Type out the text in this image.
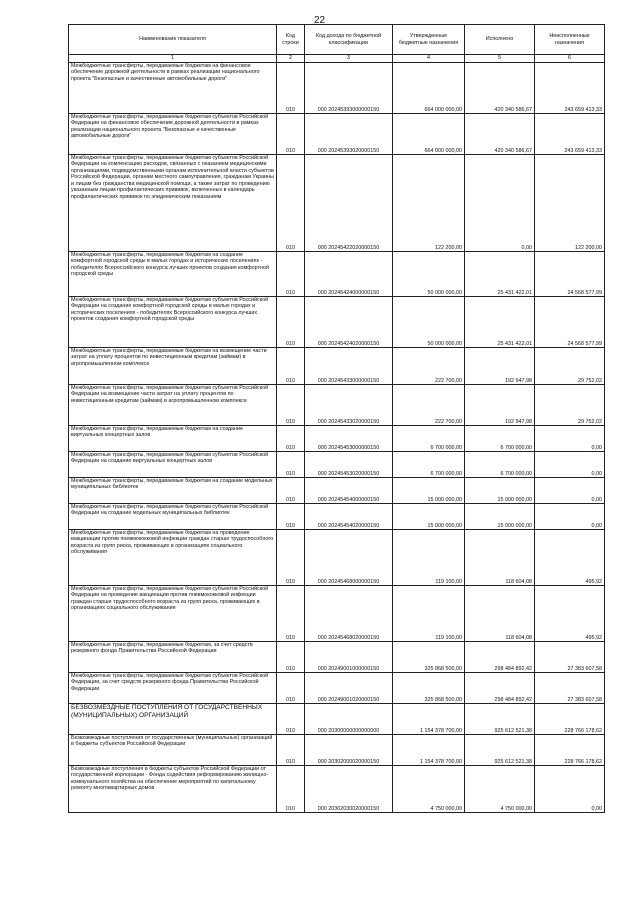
22
Наименование показателя	Код строки	Код дохода по бюджетной классификации	Утвержденные бюджетные назначения	Исполнено	Неисполненные назначения
1	2	3	4	5	6
Межбюджетные трансферты, передаваемые бюджетам на финансовое обеспечение дорожной деятельности в рамках реализации национального проекта "Безопасные и качественные автомобильные дороги"	010	000 20245393000000150	664 000 000,00	420 340 586,67	243 659 413,33
Межбюджетные трансферты, передаваемые бюджетам субъектов Российской Федерации на финансовое обеспечение дорожной деятельности в рамках реализации национального проекта "Безопасные и качественные автомобильные дороги"	010	000 20245393020000150	664 000 000,00	420 340 586,67	243 659 413,33
Межбюджетные трансферты, передаваемые бюджетам субъектов Российской Федерации на компенсацию расходов, связанных с оказанием медицинскими организациями, подведомственными органам исполнительной власти субъектов Российской Федерации, органам местного самоуправления, гражданам Украины и лицам без гражданства медицинской помощи, а также затрат по проведению указанным лицам профилактических прививок, включенных в календарь профилактических прививок по эпидемическим показаниям	010	000 20245422020000150	122 200,00	0,00	122 200,00
Межбюджетные трансферты, передаваемые бюджетам на создание комфортной городской среды в малых городах и исторических поселениях - победителях Всероссийского конкурса лучших проектов создания комфортной городской среды	010	000 20245424000000150	50 000 000,00	25 431 422,01	24 568 577,99
Межбюджетные трансферты, передаваемые бюджетам субъектов Российской Федерации на создание комфортной городской среды в малых городах и исторических поселениях - победителях Всероссийского конкурса лучших проектов создания комфортной городской среды	010	000 20245424020000150	50 000 000,00	25 431 422,01	24 568 577,99
Межбюджетные трансферты, передаваемые бюджетам на возмещение части затрат на уплату процентов по инвестиционным кредитам (займам) в агропромышленном комплексе	010	000 20245433000000150	222 700,00	192 947,98	29 752,02
Межбюджетные трансферты, передаваемые бюджетам субъектов Российской Федерации на возмещение части затрат на уплату процентов по инвестиционным кредитам (займам) в агропромышленном комплексе	010	000 20245433020000150	222 700,00	192 947,98	29 752,02
Межбюджетные трансферты, передаваемые бюджетам на создание виртуальных концертных залов	010	000 20245453000000150	6 700 000,00	6 700 000,00	0,00
Межбюджетные трансферты, передаваемые бюджетам субъектов Российской Федерации на создание виртуальных концертных залов	010	000 20245453020000150	6 700 000,00	6 700 000,00	0,00
Межбюджетные трансферты, передаваемые бюджетам на создание модельных муниципальных библиотек	010	000 20245454000000150	15 000 000,00	15 000 000,00	0,00
Межбюджетные трансферты, передаваемые бюджетам субъектов Российской Федерации на создание модельных муниципальных библиотек	010	000 20245454020000150	15 000 000,00	15 000 000,00	0,00
Межбюджетные трансферты, передаваемые бюджетам на проведение вакцинации против пневмококковой инфекции граждан старше трудоспособного возраста из групп риска, проживающих в организациях социального обслуживания	010	000 20245468000000150	119 100,00	118 604,08	495,92
Межбюджетные трансферты, передаваемые бюджетам субъектов Российской Федерации на проведение вакцинации против пневмококковой инфекции граждан старше трудоспособного возраста из групп риска, проживающих в организациях социального обслуживания	010	000 20245468020000150	119 100,00	118 604,08	495,92
Межбюджетные трансферты, передаваемые бюджетам, за счет средств резервного фонда Правительства Российской Федерации	010	000 20249001000000150	325 868 500,00	298 484 892,42	27 383 607,58
Межбюджетные трансферты, передаваемые бюджетам субъектов Российской Федерации, за счет средств резервного фонда Правительства Российской Федерации	010	000 20249001020000150	325 868 500,00	298 484 892,42	27 383 607,58
БЕЗВОЗМЕЗДНЫЕ ПОСТУПЛЕНИЯ ОТ ГОСУДАРСТВЕННЫХ (МУНИЦИПАЛЬНЫХ) ОРГАНИЗАЦИЙ	010	000 20300000000000000	1 154 378 700,00	925 612 521,38	228 766 178,62
Безвозмездные поступления от государственных (муниципальных) организаций в бюджеты субъектов Российской Федерации	010	000 20302000020000150	1 154 378 700,00	925 612 521,38	228 766 178,62
Безвозмездные поступления в бюджеты субъектов Российской Федерации от государственной корпорации - Фонда содействия реформированию жилищно-коммунального хозяйства на обеспечение мероприятий по капитальному ремонту многоквартирных домов	010	000 20302030020000150	4 750 000,00	4 750 000,00	0,00
